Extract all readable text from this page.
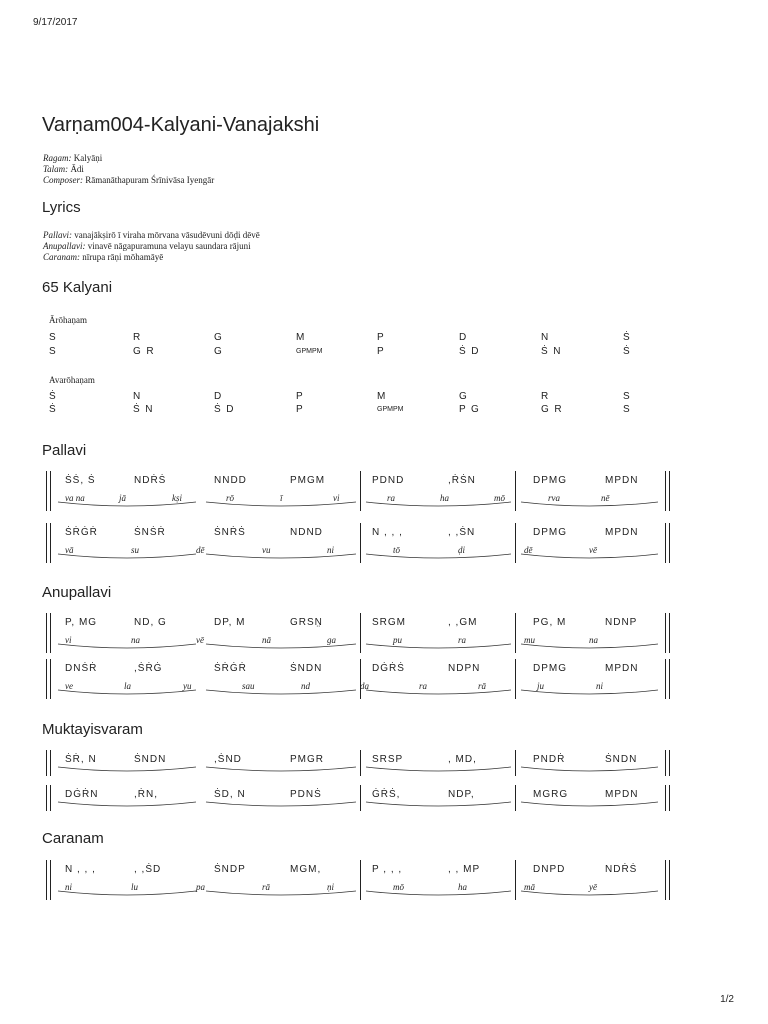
9/17/2017
Varṇam004-Kalyani-Vanajakshi
Ragam: Kalyāṇi
Talam: Ādi
Composer: Rāmanāthapuram Śrīnivāsa Iyengār
Lyrics
Pallavi: vanajākṣirō ī viraha mōrvana vāsudēvuni dōḍi dēvē
Anupallavi: vinavē nāgapuramuna velayu saundara rājuni
Caranam: nīrupa rāṇi mōhamāyē
65 Kalyani
Ārōhaṇam
S	R	G	M	P	D	N	Ṡ
S	G  R	G	GPMPM	P	Ṡ  D	Ṡ  N	Ṡ
Avarōhaṇam
Ṡ	N	D	P	M	G	R	S
Ṡ	Ṡ  N	Ṡ  D	P	GPMPM	P  G	G  R	S
Pallavi
ṠṠ, Ṡ	NDṘṠ	NNDD	PMGM	PDND	,ṘṠN	DPMG	MPDN
va na	jā	kṣi	rō	ī	vi	ra	ha	mō	rva	nē
ṠṘĠṘ	ṠNṠṘ	ṠNṘṠ	NDND	N , , ,	, ,ṠN	DPMG	MPDN
vā	su	dē	vu	ni	tō	ḍi	dē	vē
Anupallavi
P, MG	ND, G	DP, M	GRSN̤	SRGM	, ,GM	PG, M	NDNP
vi	na	vē	nā	ga	pu	ra	mu	na
DNṠṘ	,ṠṘĠ	ṠṘĠṘ	ṠNDN	DĠṘṠ	NDPN	DPMG	MPDN
ve	la	yu	sau	nd	da	ra	rā	ju	ni
Muktayisvaram
ṠṘ, N	ṠNDN	,ṠND	PMGR	SRSP	, MD,	PNDṘ	ṠNDN
DĠṘN	,ṘN,	ṠD, N	PDNṠ	ĠṘṠ,	NDP,	MGRG	MPDN
Caranam
N , , ,	, ,ṠD	ṠNDP	MGM,	P , , ,	, , MP	DNPD	NDṘṠ
ni	lu	pa	rā	ṇi	mō	ha	mā	yē
1/2
